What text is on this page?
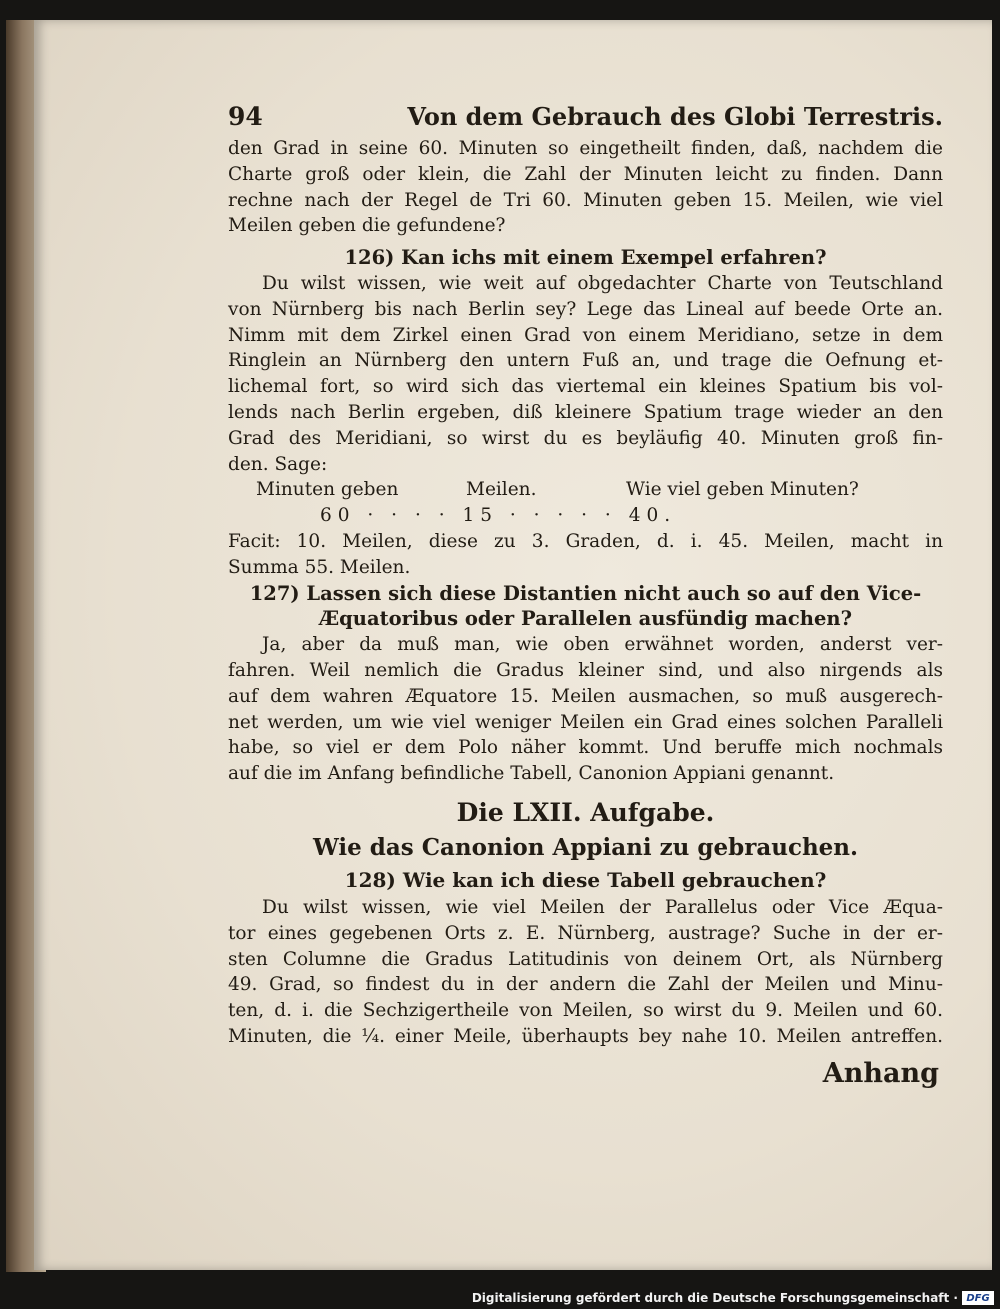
94	Von dem Gebrauch des Globi Terrestris.
den Grad in seine 60. Minuten so eingetheilt finden, daß, nachdem die
Charte groß oder klein, die Zahl der Minuten leicht zu finden. Dann
rechne nach der Regel de Tri 60. Minuten geben 15. Meilen, wie viel
Meilen geben die gefundene?
126) Kan ichs mit einem Exempel erfahren?
Du wilst wissen, wie weit auf obgedachter Charte von Teutschland
von Nürnberg bis nach Berlin sey? Lege das Lineal auf beede Orte an.
Nimm mit dem Zirkel einen Grad von einem Meridiano, setze in dem
Ringlein an Nürnberg den untern Fuß an, und trage die Oefnung et-
lichemal fort, so wird sich das viertemal ein kleines Spatium bis vol-
lends nach Berlin ergeben, diß kleinere Spatium trage wieder an den
Grad des Meridiani, so wirst du es beyläufig 40. Minuten groß fin-
den. Sage:
Minuten geben	Meilen.	Wie viel geben Minuten?
60 · · · · 15 · · · · · 40.
Facit: 10. Meilen, diese zu 3. Graden, d. i. 45. Meilen, macht in
Summa 55. Meilen.
127) Lassen sich diese Distantien nicht auch so auf den Vice-
Æquatoribus oder Parallelen ausfündig machen?
Ja, aber da muß man, wie oben erwähnet worden, anderst ver-
fahren. Weil nemlich die Gradus kleiner sind, und also nirgends als
auf dem wahren Æquatore 15. Meilen ausmachen, so muß ausgerech-
net werden, um wie viel weniger Meilen ein Grad eines solchen Paralleli
habe, so viel er dem Polo näher kommt. Und beruffe mich nochmals
auf die im Anfang befindliche Tabell, Canonion Appiani genannt.
Die LXII. Aufgabe.
Wie das Canonion Appiani zu gebrauchen.
128) Wie kan ich diese Tabell gebrauchen?
Du wilst wissen, wie viel Meilen der Parallelus oder Vice Æqua-
tor eines gegebenen Orts z. E. Nürnberg, austrage? Suche in der er-
sten Columne die Gradus Latitudinis von deinem Ort, als Nürnberg
49. Grad, so findest du in der andern die Zahl der Meilen und Minu-
ten, d. i. die Sechzigertheile von Meilen, so wirst du 9. Meilen und 60.
Minuten, die ¼. einer Meile, überhaupts bey nahe 10. Meilen antreffen.
Anhang
Digitalisierung gefördert durch die Deutsche Forschungsgemeinschaft · DFG
